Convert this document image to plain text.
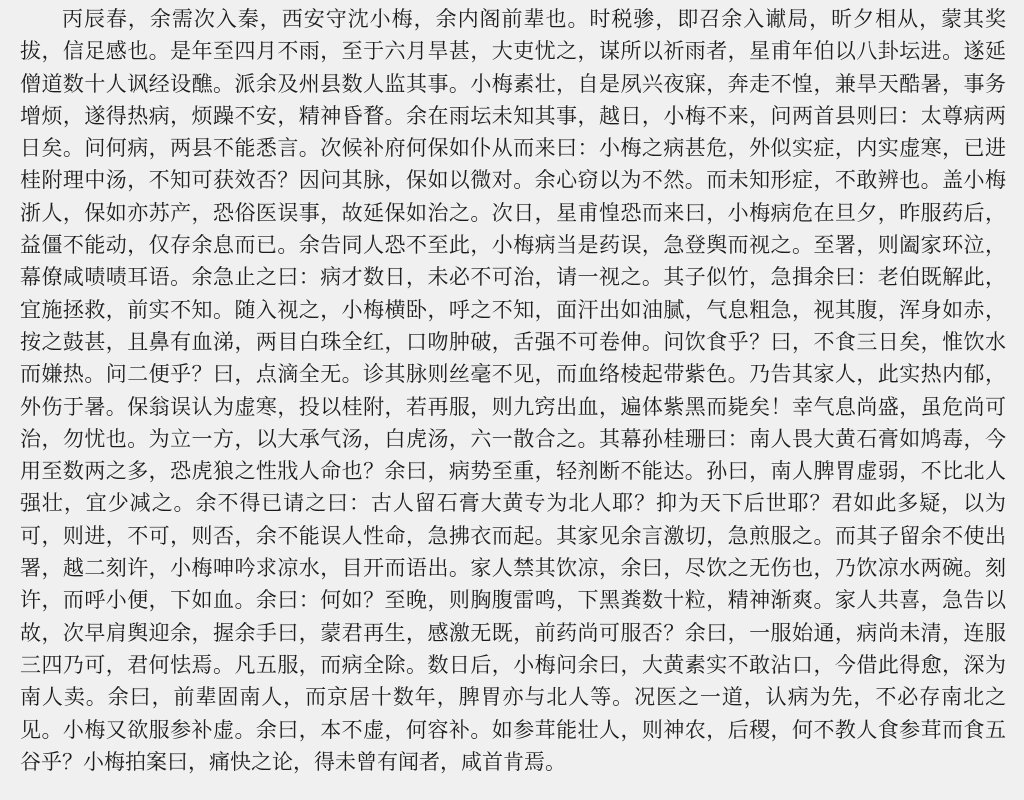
丙辰春，余需次入秦，西安守沈小梅，余内阁前辈也。时税骖，即召余入谳局，昕夕相从，蒙其奖拔，信足感也。是年至四月不雨，至于六月旱甚，大吏忧之，谋所以祈雨者，星甫年伯以八卦坛进。遂延僧道数十人讽经设醮。派余及州县数人监其事。小梅素壮，自是夙兴夜寐，奔走不惶，兼旱天酷暑，事务增烦，遂得热病，烦躁不安，精神昏瞀。余在雨坛未知其事，越日，小梅不来，问两首县则曰：太尊病两日矣。问何病，两县不能悉言。次候补府何保如仆从而来曰：小梅之病甚危，外似实症，内实虚寒，已进桂附理中汤，不知可获效否？因问其脉，保如以微对。余心窃以为不然。而未知形症，不敢辨也。盖小梅浙人，保如亦苏产，恐俗医误事，故延保如治之。次日，星甫惶恐而来曰，小梅病危在旦夕，昨服药后，益僵不能动，仅存余息而已。余告同人恐不至此，小梅病当是药误，急登舆而视之。至署，则阖家环泣，幕僚咸啧啧耳语。余急止之曰：病才数日，未必不可治，请一视之。其子似竹，急揖余曰：老伯既解此，宜施拯救，前实不知。随入视之，小梅横卧，呼之不知，面汗出如油腻，气息粗急，视其腹，浑身如赤，按之鼓甚，且鼻有血涕，两目白珠全红，口吻肿破，舌强不可卷伸。问饮食乎？曰，不食三日矣，惟饮水而嫌热。问二便乎？曰，点滴全无。诊其脉则丝毫不见，而血络棱起带紫色。乃告其家人，此实热内郁，外伤于暑。保翁误认为虚寒，投以桂附，若再服，则九窍出血，遍体紫黑而毙矣！幸气息尚盛，虽危尚可治，勿忧也。为立一方，以大承气汤，白虎汤，六一散合之。其幕孙桂珊曰：南人畏大黄石膏如鸠毒，今用至数两之多，恐虎狼之性戕人命也？余曰，病势至重，轻剂断不能达。孙曰，南人脾胃虚弱，不比北人强壮，宜少减之。余不得已请之曰：古人留石膏大黄专为北人耶？抑为天下后世耶？君如此多疑，以为可，则进，不可，则否，余不能误人性命，急拂衣而起。其家见余言激切，急煎服之。而其子留余不使出署，越二刻许，小梅呻吟求凉水，目开而语出。家人禁其饮凉，余曰，尽饮之无伤也，乃饮凉水两碗。刻许，而呼小便，下如血。余曰：何如？至晚，则胸腹雷鸣，下黑粪数十粒，精神渐爽。家人共喜，急告以故，次早肩舆迎余，握余手曰，蒙君再生，感激无既，前药尚可服否？余曰，一服始通，病尚未清，连服三四乃可，君何怯焉。凡五服，而病全除。数日后，小梅问余曰，大黄素实不敢沾口，今借此得愈，深为南人卖。余曰，前辈固南人，而京居十数年，脾胃亦与北人等。况医之一道，认病为先，不必存南北之见。小梅又欲服参补虚。余曰，本不虚，何容补。如参茸能壮人，则神农，后稷，何不教人食参茸而食五谷乎？小梅拍案曰，痛快之论，得未曾有闻者，咸首肯焉。
